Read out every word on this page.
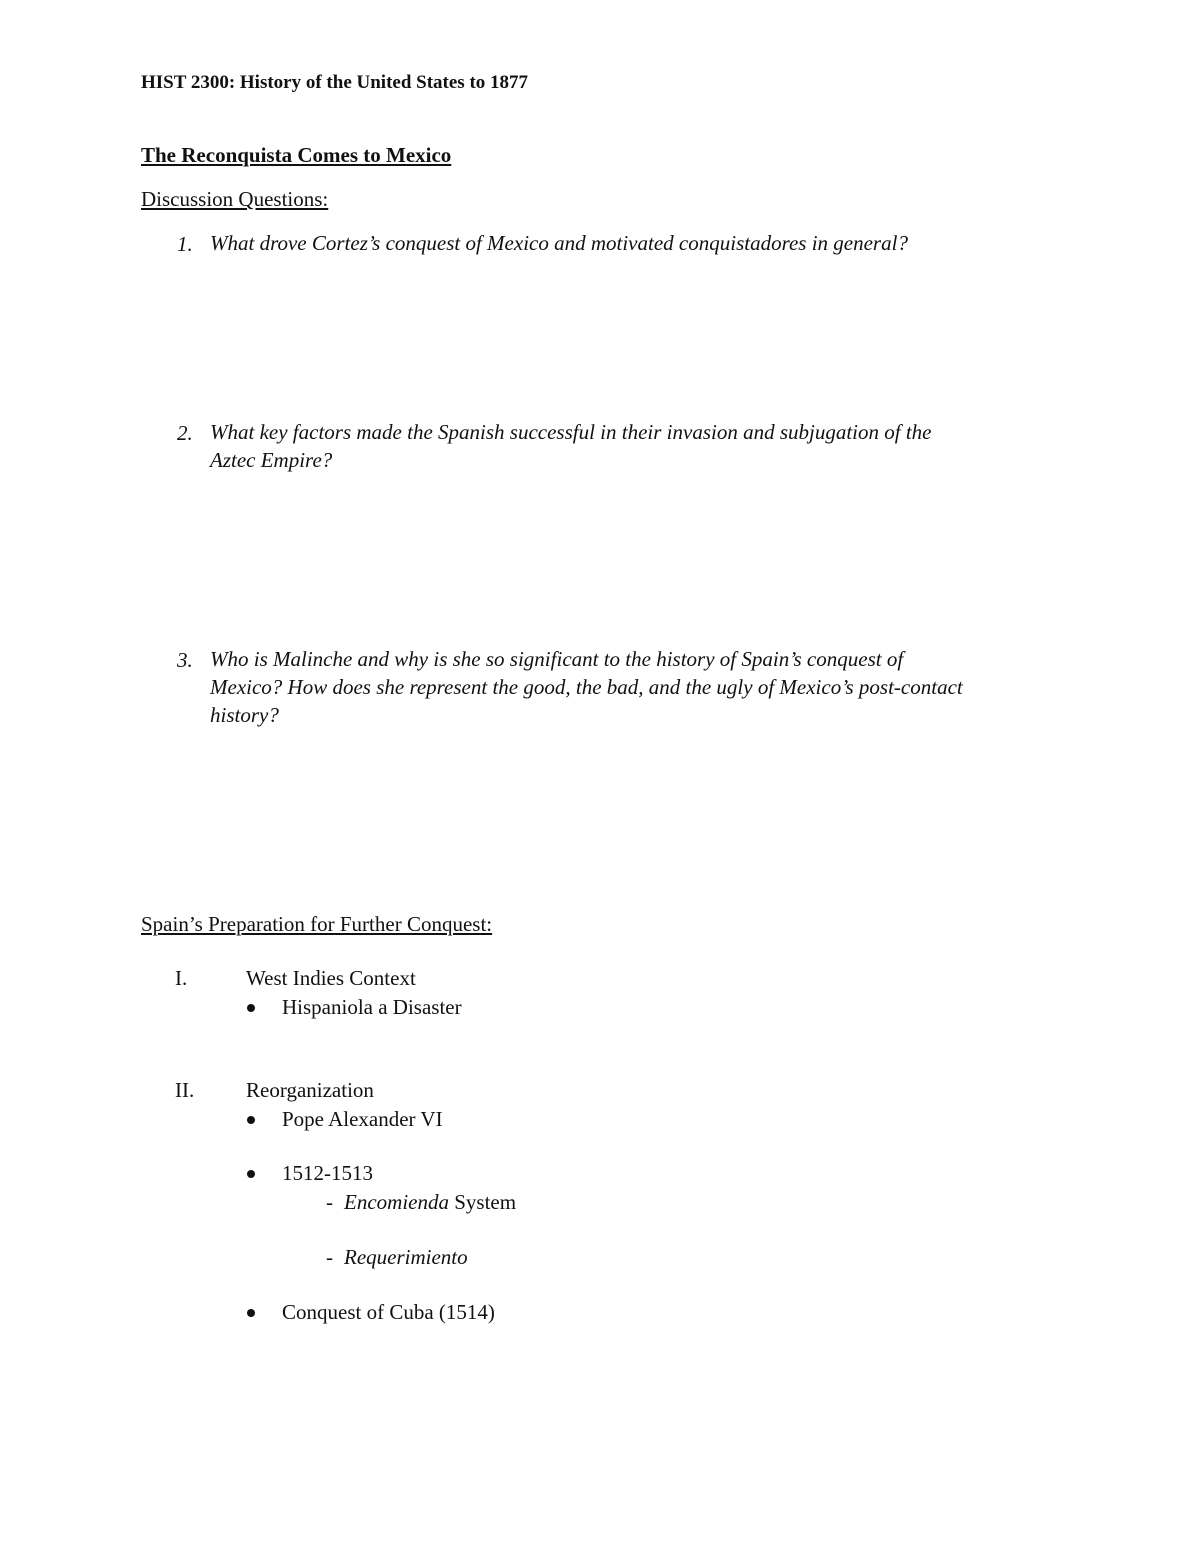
HIST 2300: History of the United States to 1877
The Reconquista Comes to Mexico
Discussion Questions:
1. What drove Cortez’s conquest of Mexico and motivated conquistadores in general?
2. What key factors made the Spanish successful in their invasion and subjugation of the
Aztec Empire?
3. Who is Malinche and why is she so significant to the history of Spain’s conquest of
Mexico? How does she represent the good, the bad, and the ugly of Mexico’s post-contact
history?
Spain’s Preparation for Further Conquest:
I.	West Indies Context
Hispaniola a Disaster
II. Reorganization
Pope Alexander VI
1512-1513
- Encomienda System
- Requerimiento
Conquest of Cuba (1514)
